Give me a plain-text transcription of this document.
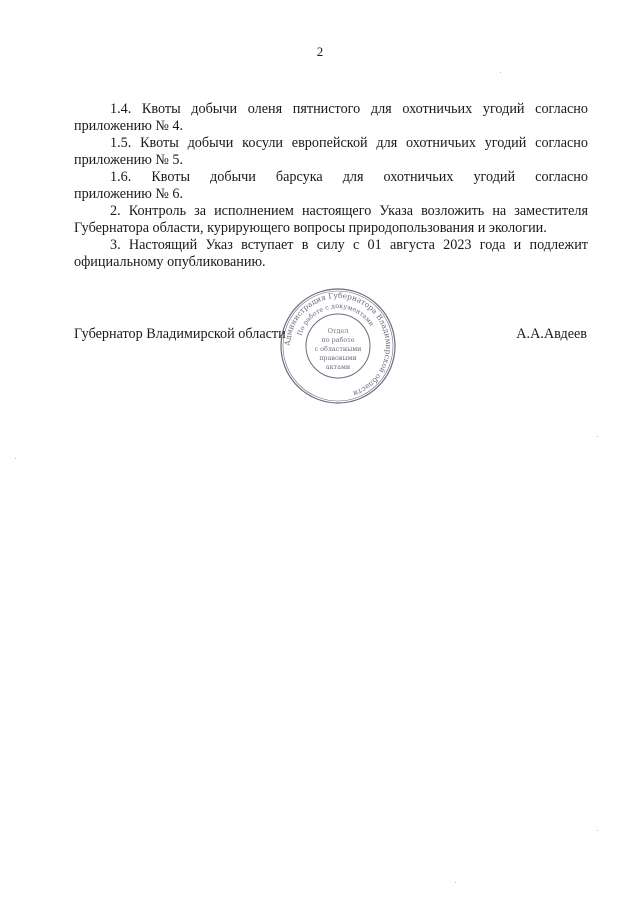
2

1.4. Квоты добычи оленя пятнистого для охотничьих угодий согласно
приложению № 4.

1.5. Квоты добычи косули европейской для охотничьих угодий согласно
приложению № 5.

1.6. Квоты добычи барсука для охотничьих угодий согласно
приложению № 6.

2. Контроль за исполнением настоящего Указа возложить на заместителя
Губернатора области, курирующего вопросы природопользования и экологии.

3. Настоящий Указ вступает в силу с 01 августа 2023 года и подлежит
официальному опубликованию.

Губернатор Владимирской области	А.А.Авдеев
Администрация Губернатора Владимирской области
По работе с документами
Отдел
по работе
с областными
правовыми
актами
